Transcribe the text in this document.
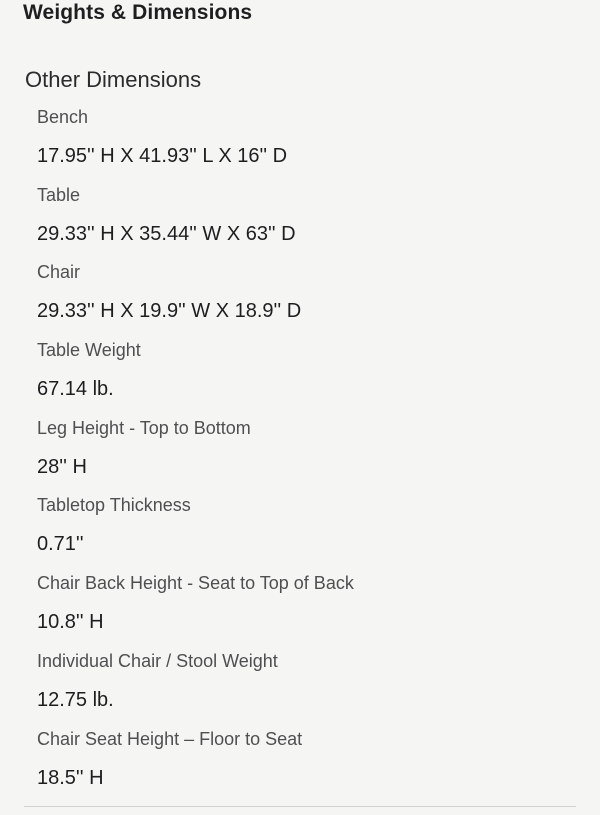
Weights & Dimensions
Other Dimensions
Bench
17.95'' H X 41.93'' L X 16'' D
Table
29.33'' H X 35.44'' W X 63'' D
Chair
29.33'' H X 19.9'' W X 18.9'' D
Table Weight
67.14 lb.
Leg Height - Top to Bottom
28'' H
Tabletop Thickness
0.71''
Chair Back Height - Seat to Top of Back
10.8'' H
Individual Chair / Stool Weight
12.75 lb.
Chair Seat Height – Floor to Seat
18.5'' H
